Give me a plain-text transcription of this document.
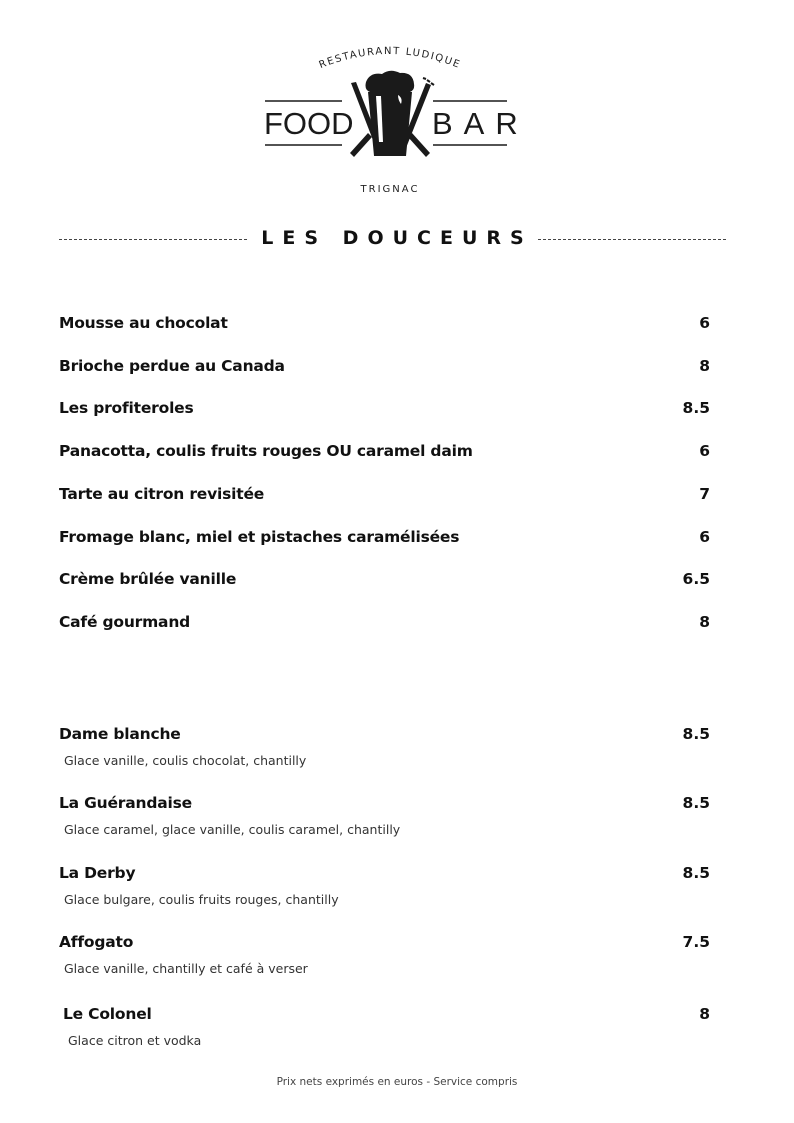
RESTAURANT LUDIQUE
FOOD	BAR
TRIGNAC
LES DOUCEURS
Mousse au chocolat	6
Brioche perdue au Canada	8
Les profiteroles	8.5
Panacotta, coulis fruits rouges OU caramel daim	6
Tarte au citron revisitée	7
Fromage blanc, miel et pistaches caramélisées	6
Crème brûlée vanille	6.5
Café gourmand	8
Dame blanche	8.5
Glace vanille, coulis chocolat, chantilly
La Guérandaise	8.5
Glace caramel, glace vanille, coulis caramel, chantilly
La Derby	8.5
Glace bulgare, coulis fruits rouges, chantilly
Affogato	7.5
Glace vanille, chantilly et café à verser
Le Colonel	8
Glace citron et vodka
Prix nets exprimés en euros - Service compris
